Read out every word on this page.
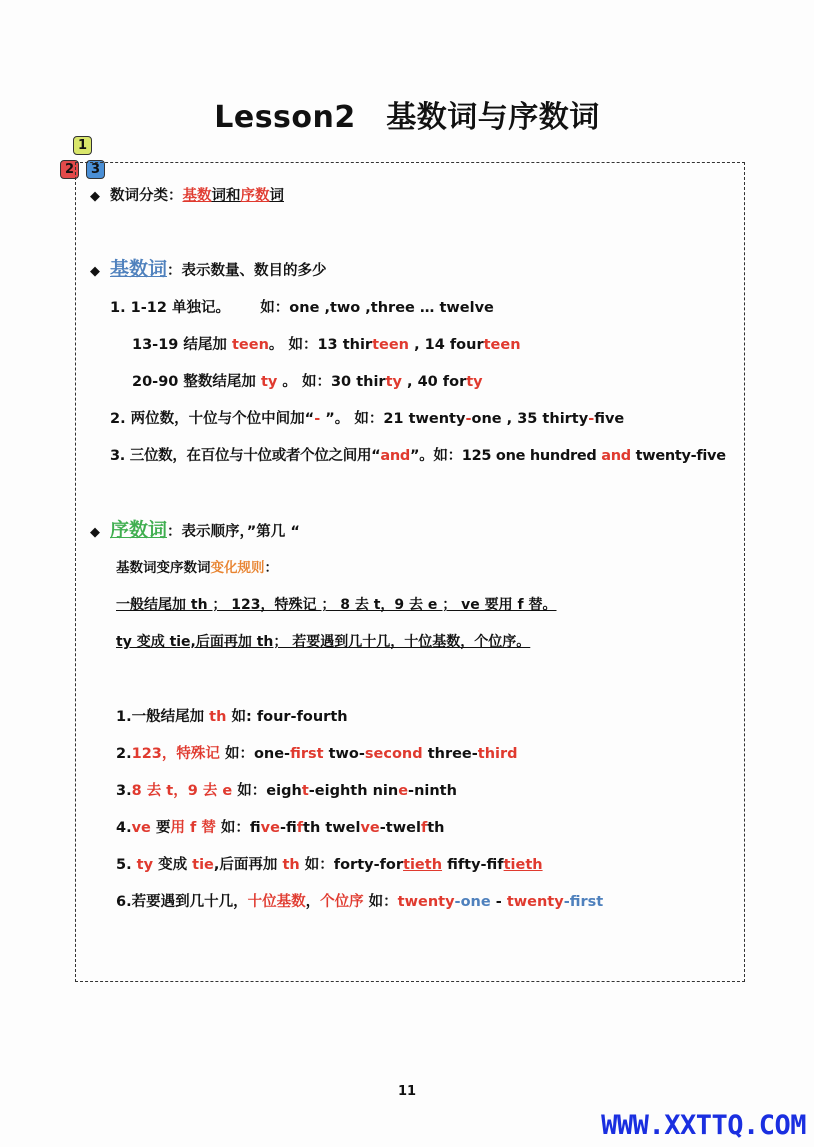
Lesson2　基数词与序数词
1
2	3
◆ 数词分类：基数词和序数词
◆ 基数词：表示数量、数目的多少
1. 1-12 单独记。 如：one ,two ,three … twelve
13-19 结尾加 teen。 如：13 thirteen , 14 fourteen
20-90 整数结尾加 ty 。 如：30 thirty , 40 forty
2. 两位数，十位与个位中间加“- ”。 如：21 twenty-one , 35 thirty-five
3. 三位数，在百位与十位或者个位之间用“and”。如：125 one hundred and twenty-five
◆ 序数词：表示顺序，”第几 “
基数词变序数词变化规则：
一般结尾加 th ； 123，特殊记 ； 8 去 t，9 去 e ； ve 要用 f 替。
ty 变成 tie,后面再加 th； 若要遇到几十几，十位基数，个位序。
1.一般结尾加 th 如: four-fourth
2.123，特殊记 如：one-first two-second three-third
3.8 去 t，9 去 e 如：eight-eighth nine-ninth
4.ve 要用 f 替 如：five-fifth twelve-twelfth
5. ty 变成 tie,后面再加 th 如：forty-fortieth fifty-fiftieth
6.若要遇到几十几，十位基数，个位序 如：twenty-one - twenty-first
11
WWW.XXTTQ.COM
